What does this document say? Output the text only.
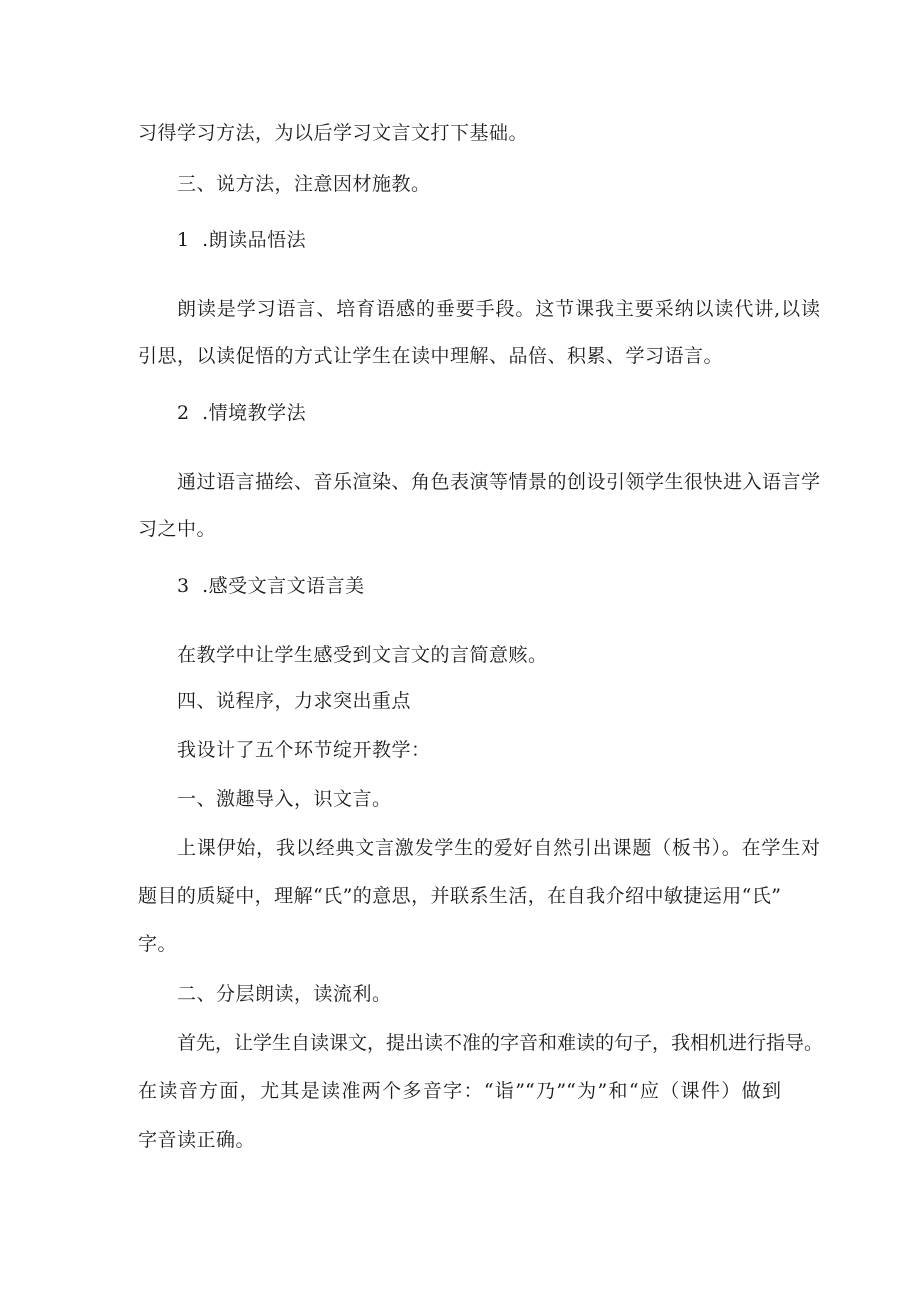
习得学习方法，为以后学习文言文打下基础。
三、说方法，注意因材施教。
1 .朗读品悟法
朗读是学习语言、培育语感的垂要手段。这节课我主要采纳以读代讲,以读
引思，以读促悟的方式让学生在读中理解、品倍、积累、学习语言。
2 .情境教学法
通过语言描绘、音乐渲染、角色表演等情景的创设引领学生很快进入语言学
习之中。
3 .感受文言文语言美
在教学中让学生感受到文言文的言简意赅。
四、说程序，力求突出重点
我设计了五个环节绽开教学：
一、激趣导入，识文言。
上课伊始，我以经典文言激发学生的爱好自然引出课题（板书）。在学生对
题目的质疑中，理解“氏”的意思，并联系生活，在自我介绍中敏捷运用“氏”
字。
二、分层朗读，读流利。
首先，让学生自读课文，提出读不准的字音和难读的句子，我相机进行指导。
在读音方面，尤其是读准两个多音字：“诣”“乃”“为”和“应（课件）做到
字音读正确。
